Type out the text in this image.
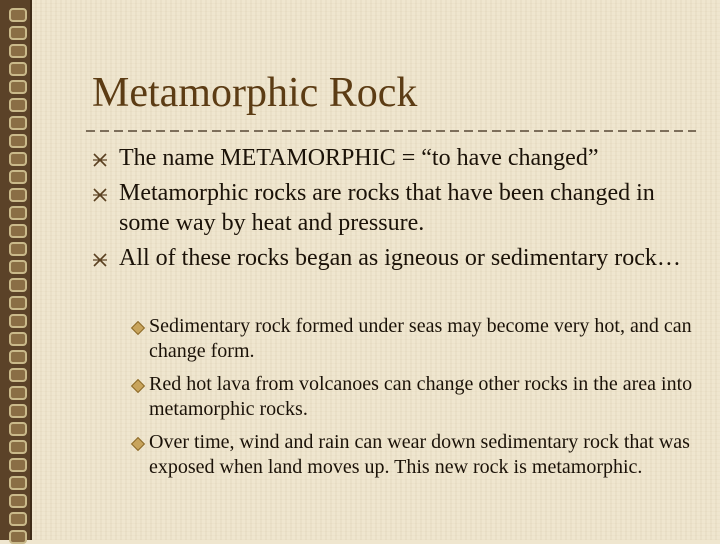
Metamorphic Rock
The name METAMORPHIC = “to have changed”
Metamorphic rocks are rocks that have been changed in some way by heat and pressure.
All of these rocks began as igneous or sedimentary rock…
Sedimentary rock formed under seas may become very hot, and can change form.
Red hot lava from volcanoes can change other rocks in the area into metamorphic rocks.
Over time, wind and rain can wear down sedimentary rock that was exposed when land moves up. This new rock is metamorphic.
